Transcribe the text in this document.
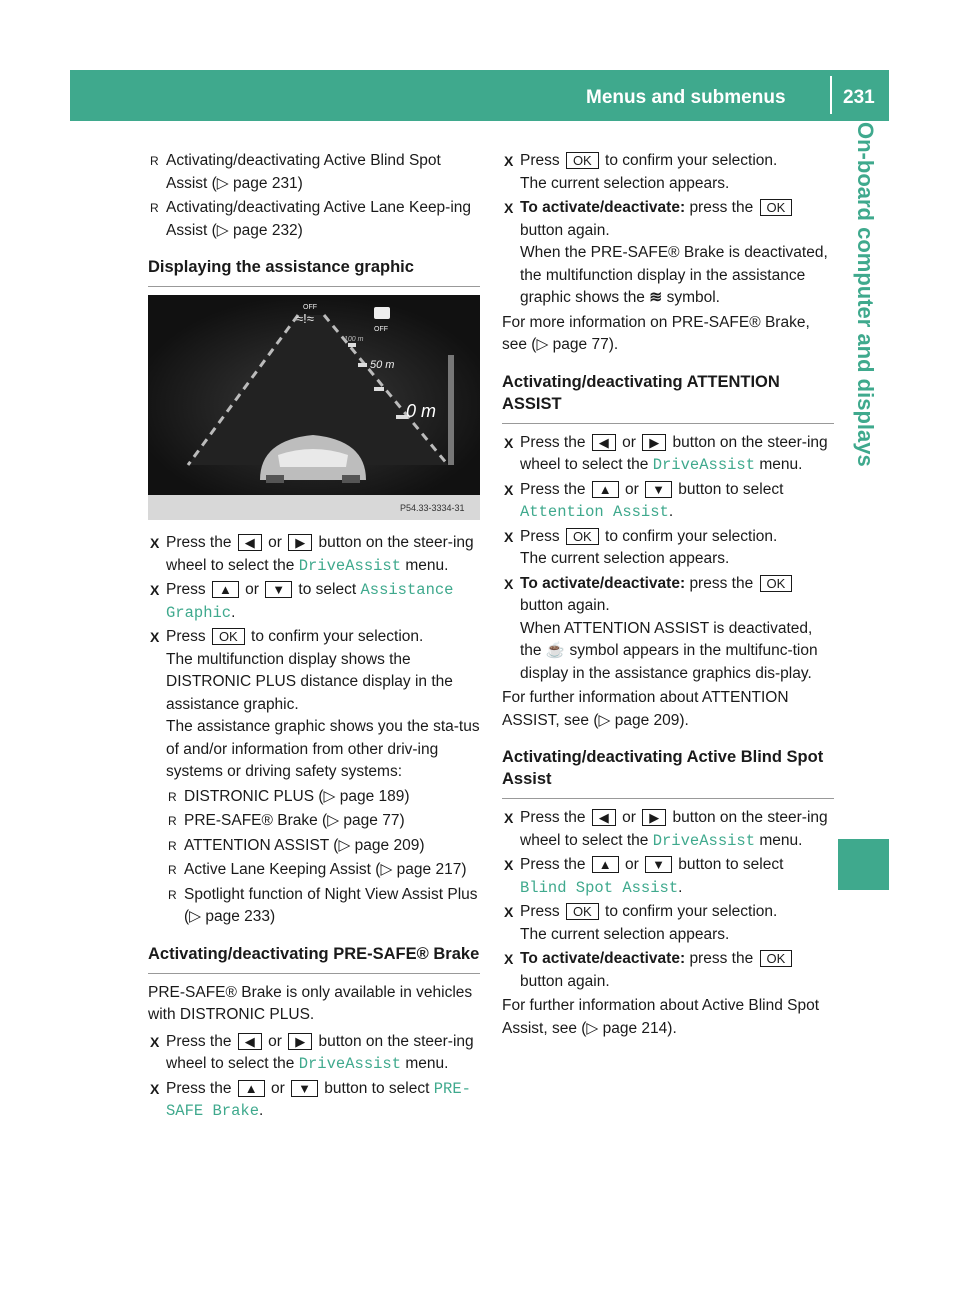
Menus and submenus	231
On-board computer and displays
R Activating/deactivating Active Blind Spot Assist (▷ page 231)
R Activating/deactivating Active Lane Keep-ing Assist (▷ page 232)
Displaying the assistance graphic
OFF
≈!≈
OFF
100 m
50 m
0 m
P54.33-3334-31
X Press the ◀ or ▶ button on the steer-ing wheel to select the DriveAssist menu.
X Press ▲ or ▼ to select Assistance Graphic.
X Press OK to confirm your selection.
The multifunction display shows the DISTRONIC PLUS distance display in the assistance graphic.
The assistance graphic shows you the sta-tus of and/or information from other driv-ing systems or driving safety systems:
R DISTRONIC PLUS (▷ page 189)
R PRE-SAFE® Brake (▷ page 77)
R ATTENTION ASSIST (▷ page 209)
R Active Lane Keeping Assist (▷ page 217)
R Spotlight function of Night View Assist Plus (▷ page 233)
Activating/deactivating PRE-SAFE® Brake
PRE-SAFE® Brake is only available in vehicles with DISTRONIC PLUS.
X Press the ◀ or ▶ button on the steer-ing wheel to select the DriveAssist menu.
X Press the ▲ or ▼ button to select PRE-SAFE Brake.
X Press OK to confirm your selection.
The current selection appears.
X To activate/deactivate: press the OK button again.
When the PRE-SAFE® Brake is deactivated, the multifunction display in the assistance graphic shows the ≋ symbol.
For more information on PRE-SAFE® Brake, see (▷ page 77).
Activating/deactivating ATTENTION ASSIST
X Press the ◀ or ▶ button on the steer-ing wheel to select the DriveAssist menu.
X Press the ▲ or ▼ button to select Attention Assist.
X Press OK to confirm your selection.
The current selection appears.
X To activate/deactivate: press the OK button again.
When ATTENTION ASSIST is deactivated, the ☕ symbol appears in the multifunc-tion display in the assistance graphics dis-play.
For further information about ATTENTION ASSIST, see (▷ page 209).
Activating/deactivating Active Blind Spot Assist
X Press the ◀ or ▶ button on the steer-ing wheel to select the DriveAssist menu.
X Press the ▲ or ▼ button to select Blind Spot Assist.
X Press OK to confirm your selection.
The current selection appears.
X To activate/deactivate: press the OK button again.
For further information about Active Blind Spot Assist, see (▷ page 214).
